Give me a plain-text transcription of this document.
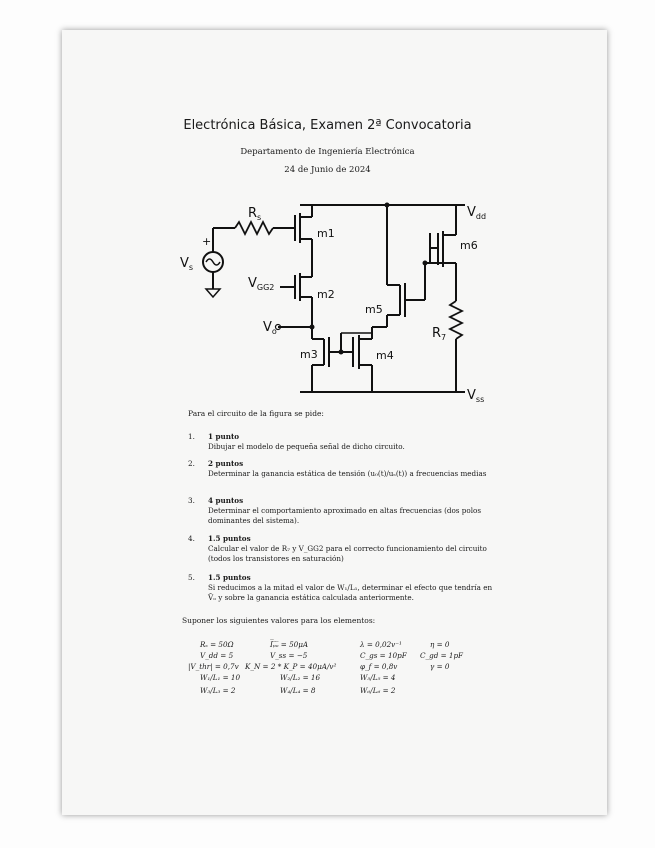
Electrónica Básica, Examen 2ª Convocatoria
Departamento de Ingeniería Electrónica
24 de Junio de 2024
$R_s$
$V_s$
+
$V_{GG2}$
$V_o$
$V_{dd}$
$V_{ss}$
$R_7$
m1
m2
m3	m4
m5
m6
Para el circuito de la figura se pide:
1. 1 punto
Dibujar el modelo de pequeña señal de dicho circuito.
2. 2 puntos
Determinar la ganancia estática de tensión (u₀(t)/uₛ(t)) a frecuencias medias
3. 4 puntos
Determinar el comportamiento aproximado en altas frecuencias (dos polos dominantes del sistema).
4. 1.5 puntos
Calcular el valor de R₇ y V_GG2 para el correcto funcionamiento del circuito (todos los transistores en saturación)
5. 1.5 puntos
Si reducimos a la mitad el valor de W₁/L₁, determinar el efecto que tendría en V̄ₒ y sobre la ganancia estática calculada anteriormente.
Suponer los siguientes valores para los elementos:
Rₛ = 50Ω	I̅ₚ̅ₒ̅ = 50μA	λ = 0,02v⁻¹	η = 0
V_dd = 5	V_ss = −5	C_gs = 10pF C_gd = 1pF
|V_thr| = 0,7v K_N = 2 * K_P = 40μA/v²	φ_f = 0,8v	γ = 0
W₁/L₁ = 10	W₂/L₂ = 16	W₅/L₅ = 4
W₃/L₃ = 2	W₄/L₄ = 8	W₆/L₆ = 2
